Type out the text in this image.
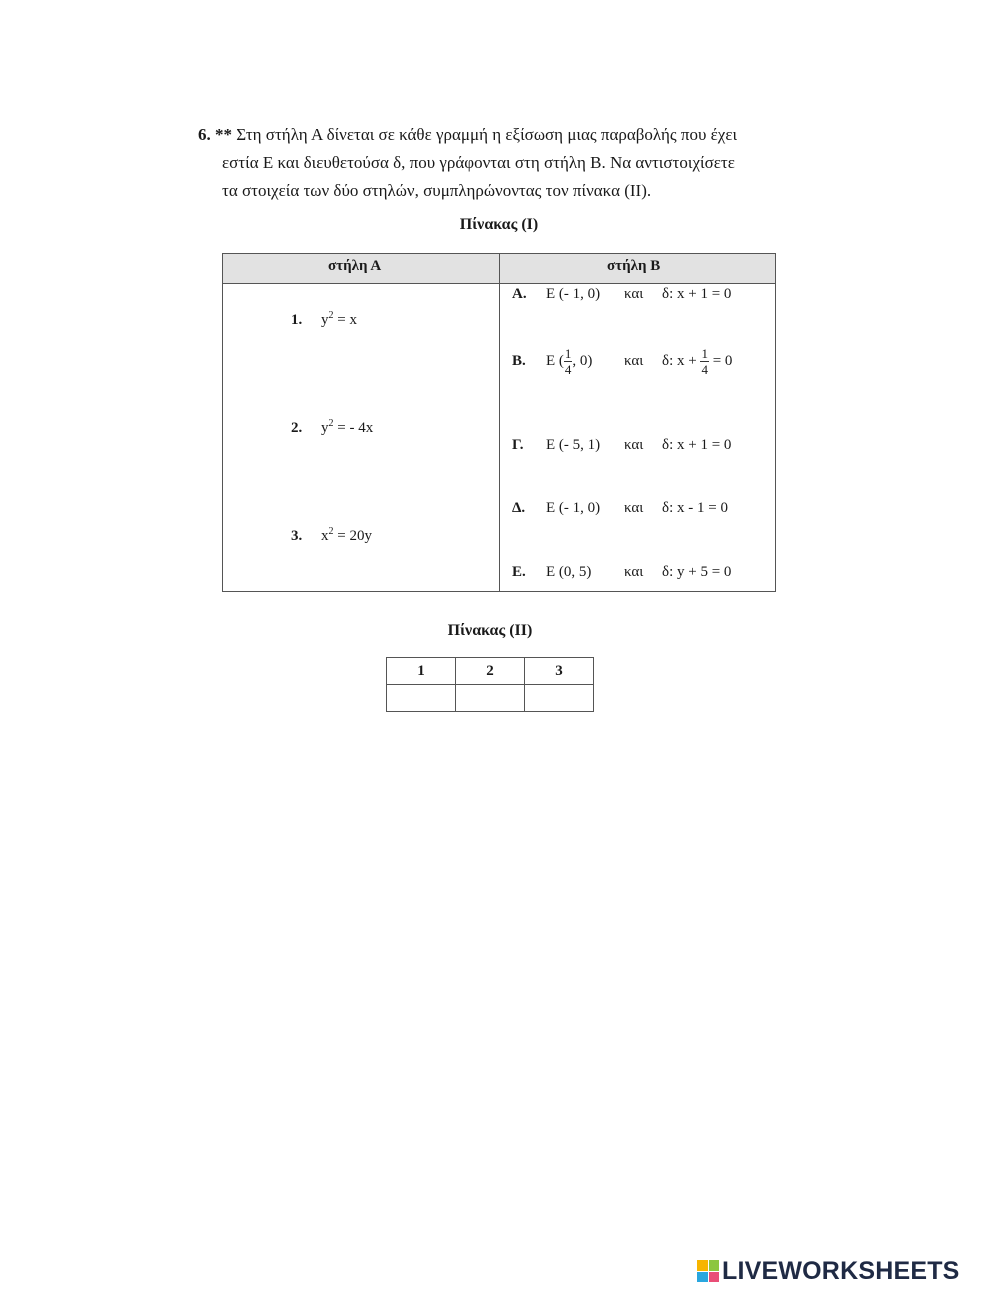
6. ** Στη στήλη Α δίνεται σε κάθε γραμμή η εξίσωση μιας παραβολής που έχει
εστία Ε και διευθετούσα δ, που γράφονται στη στήλη Β. Να αντιστοιχίσετε
τα στοιχεία των δύο στηλών, συμπληρώνοντας τον πίνακα (ΙΙ).
Πίνακας (Ι)
στήλη Α	στήλη Β
1. $y^2 = x$
2. $y^2$ = - 4x
3. $x^2 = 20y$
Α. Ε (- 1, 0) και δ: x + 1 = 0
Β. Ε ( $\frac{1}{4}$ , 0) και δ: $x + \frac{1}{4} = 0$
Γ. Ε (- 5, 1) και δ: x + 1 = 0
Δ. Ε (- 1, 0) και δ: x - 1 = 0
Ε. Ε (0, 5) και δ: y + 5 = 0
Πίνακας (ΙΙ)
1	2	3

LIVEWORKSHEETS
